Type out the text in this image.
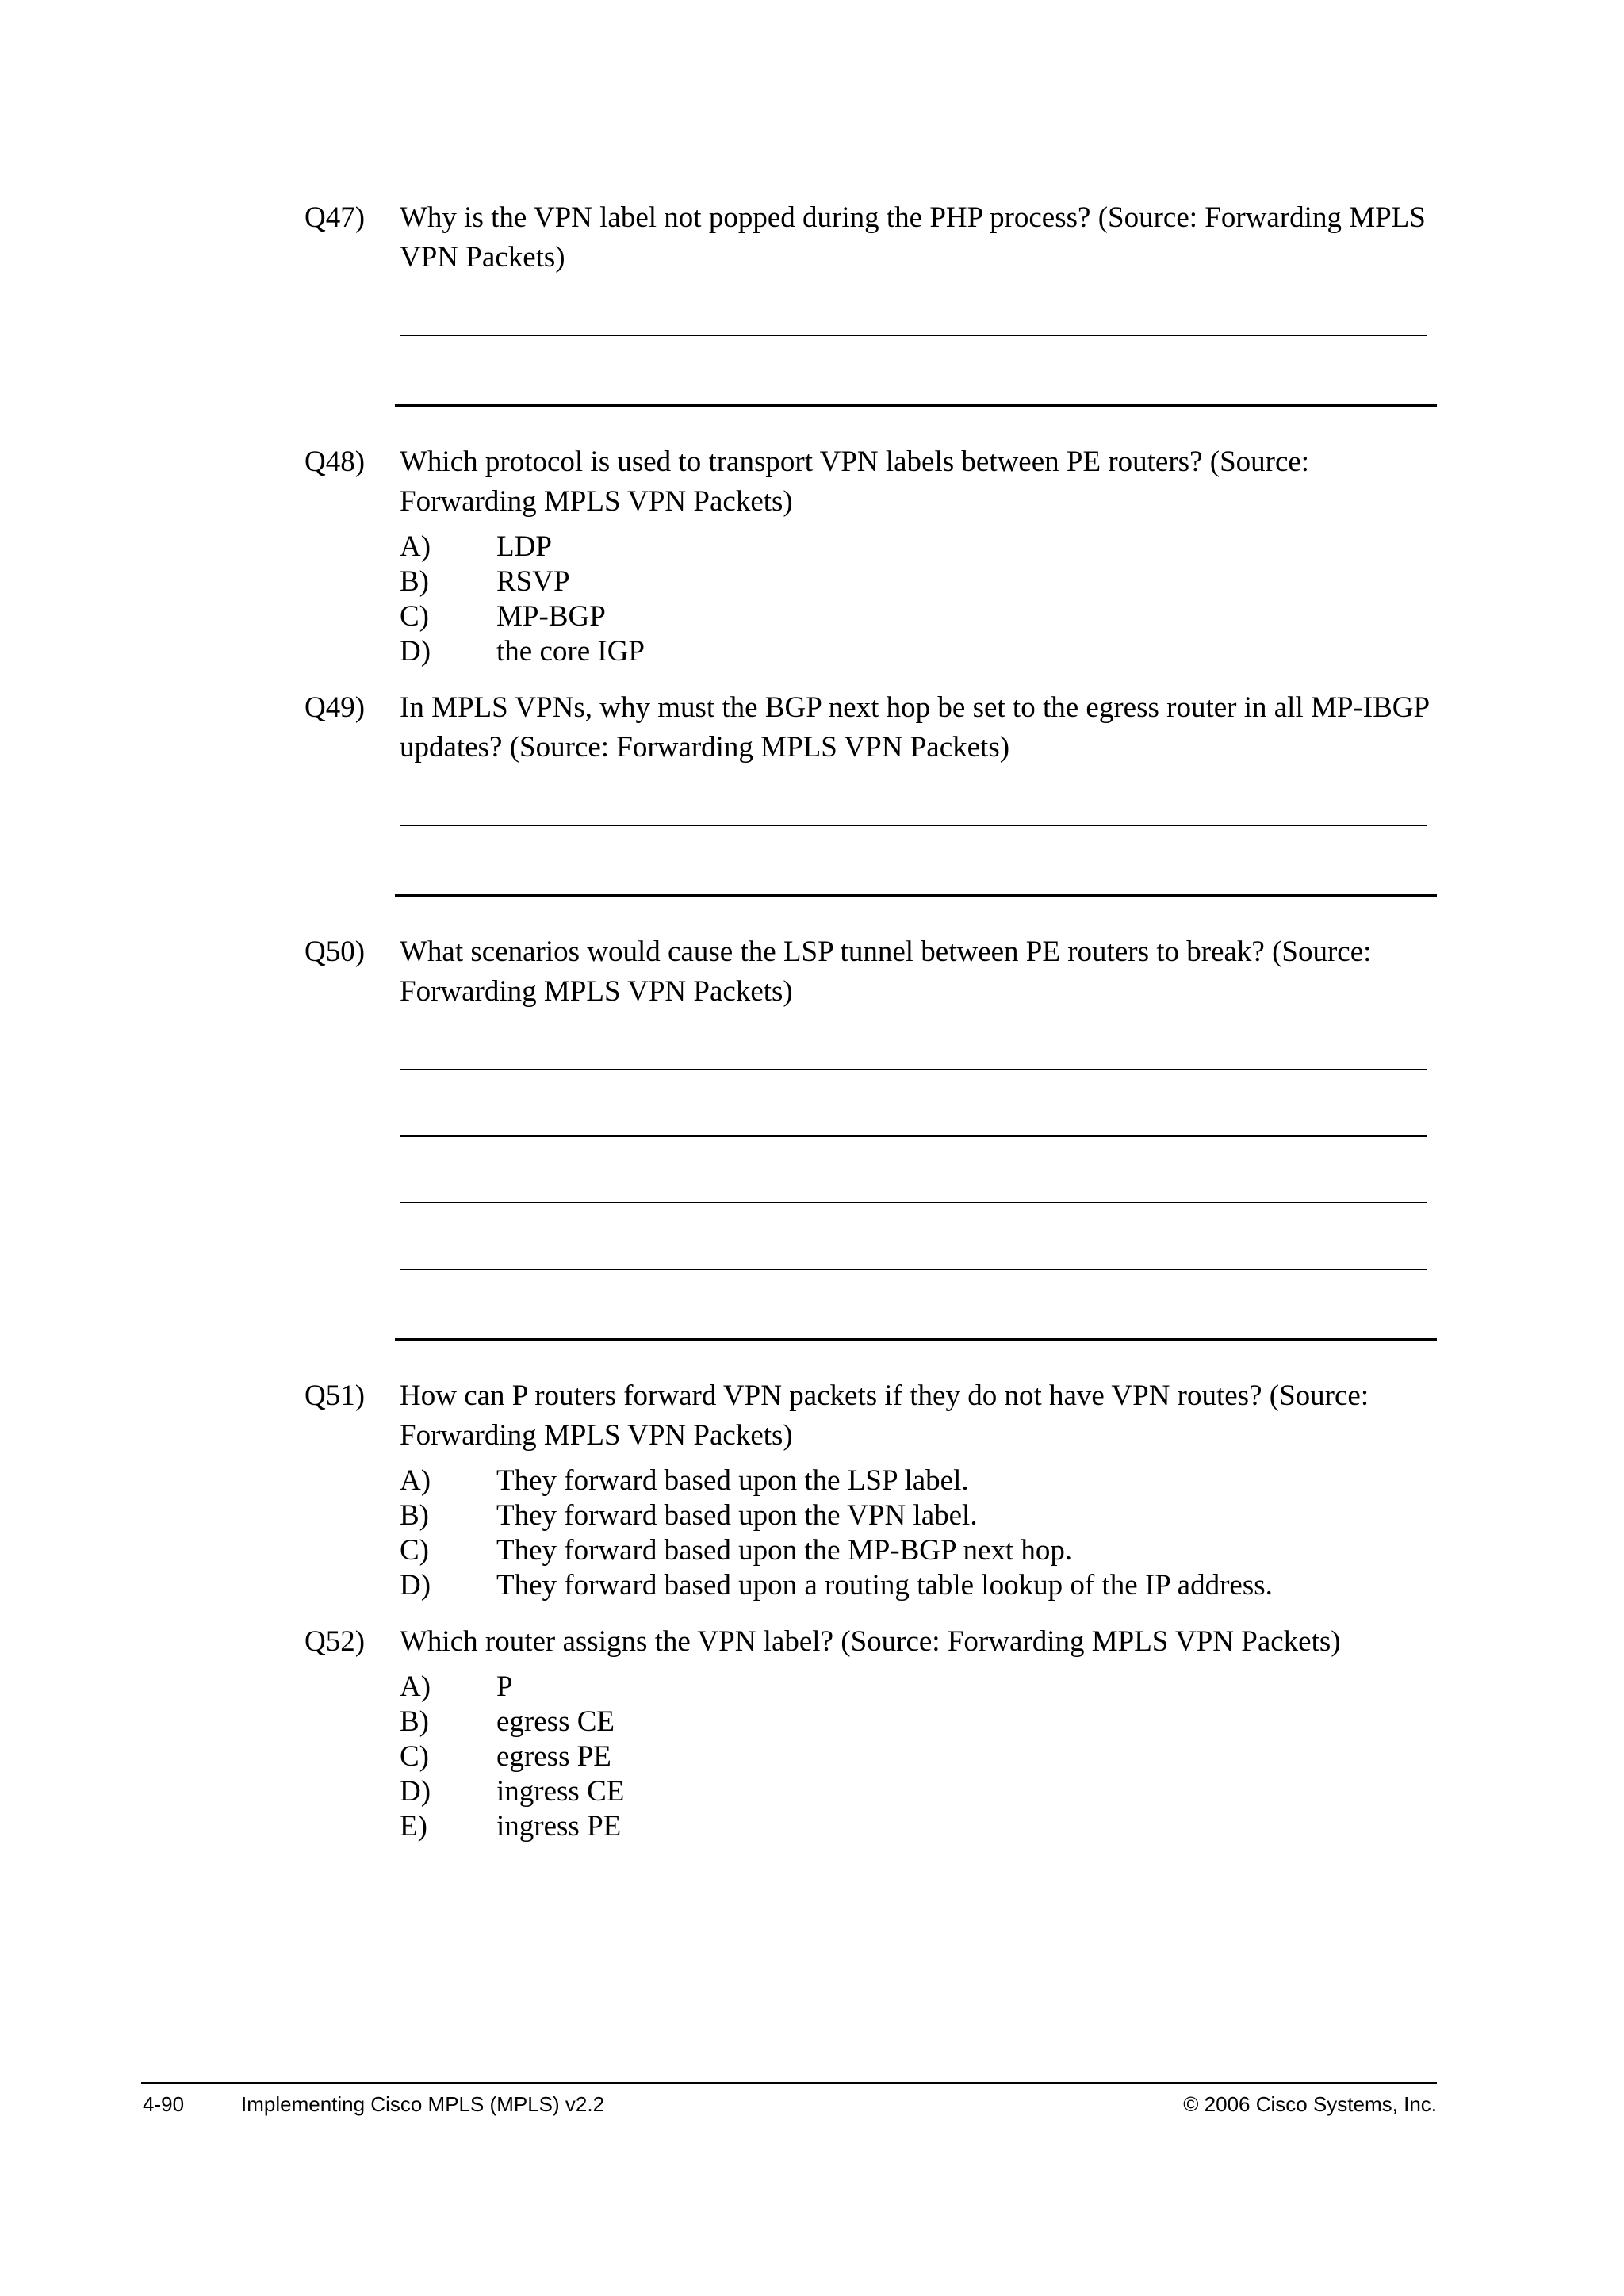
Q47) Why is the VPN label not popped during the PHP process? (Source: Forwarding MPLS VPN Packets)
Q48) Which protocol is used to transport VPN labels between PE routers? (Source: Forwarding MPLS VPN Packets)
A) LDP
B) RSVP
C) MP-BGP
D) the core IGP
Q49) In MPLS VPNs, why must the BGP next hop be set to the egress router in all MP-IBGP updates? (Source: Forwarding MPLS VPN Packets)
Q50) What scenarios would cause the LSP tunnel between PE routers to break? (Source: Forwarding MPLS VPN Packets)
Q51) How can P routers forward VPN packets if they do not have VPN routes? (Source: Forwarding MPLS VPN Packets)
A) They forward based upon the LSP label.
B) They forward based upon the VPN label.
C) They forward based upon the MP-BGP next hop.
D) They forward based upon a routing table lookup of the IP address.
Q52) Which router assigns the VPN label? (Source: Forwarding MPLS VPN Packets)
A) P
B) egress CE
C) egress PE
D) ingress CE
E) ingress PE
4-90	Implementing Cisco MPLS (MPLS) v2.2	© 2006 Cisco Systems, Inc.
